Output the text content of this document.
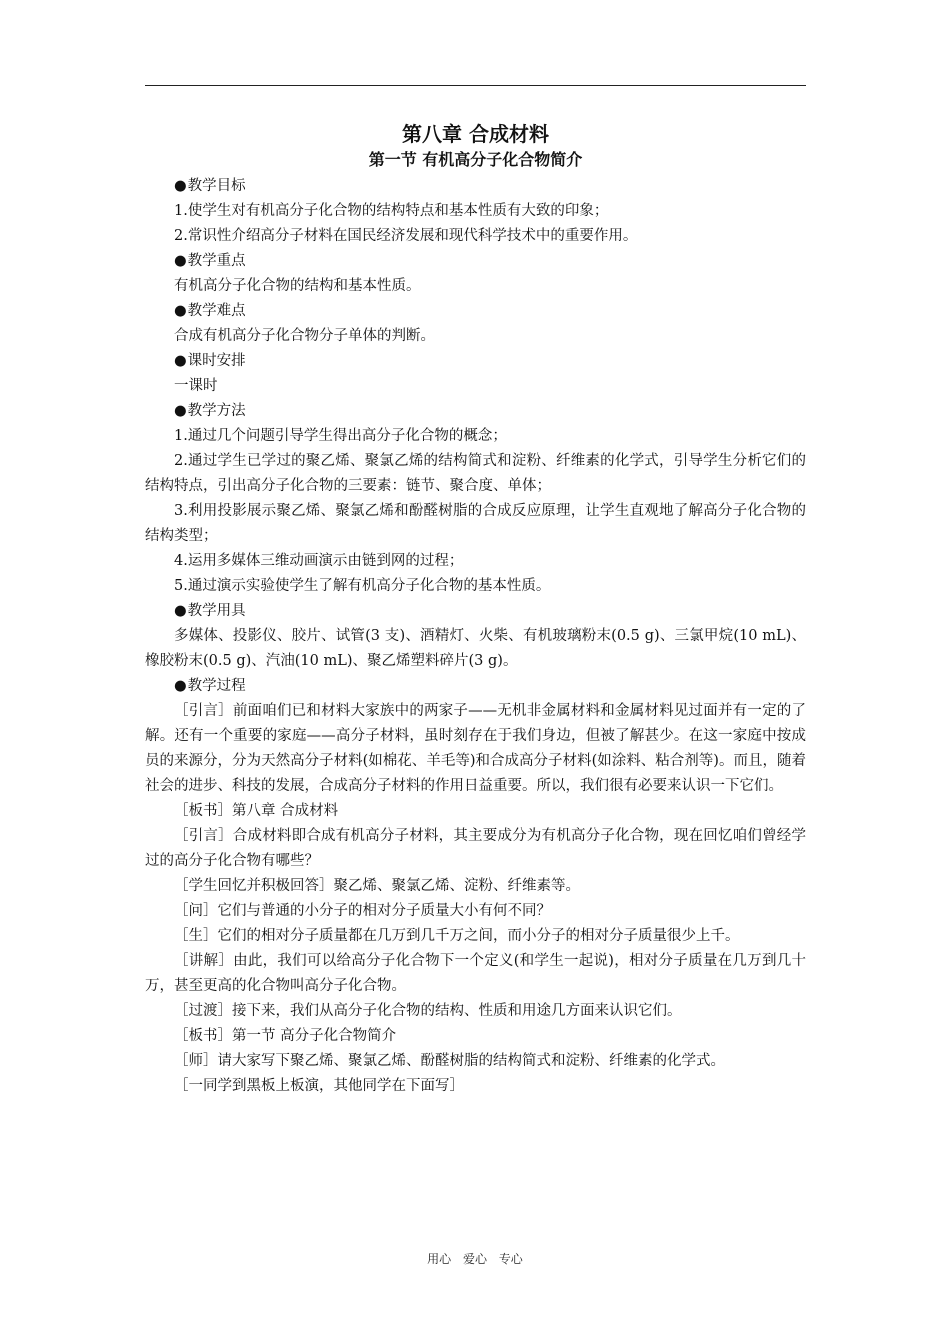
第八章 合成材料
第一节 有机高分子化合物简介

●教学目标

1.使学生对有机高分子化合物的结构特点和基本性质有大致的印象；

2.常识性介绍高分子材料在国民经济发展和现代科学技术中的重要作用。

●教学重点

有机高分子化合物的结构和基本性质。

●教学难点

合成有机高分子化合物分子单体的判断。

●课时安排

一课时

●教学方法

1.通过几个问题引导学生得出高分子化合物的概念；

2.通过学生已学过的聚乙烯、聚氯乙烯的结构简式和淀粉、纤维素的化学式，引导学生分析它们的结构特点，引出高分子化合物的三要素：链节、聚合度、单体；

3.利用投影展示聚乙烯、聚氯乙烯和酚醛树脂的合成反应原理，让学生直观地了解高分子化合物的结构类型；

4.运用多媒体三维动画演示由链到网的过程；

5.通过演示实验使学生了解有机高分子化合物的基本性质。

●教学用具

多媒体、投影仪、胶片、试管(3 支)、酒精灯、火柴、有机玻璃粉末(0.5 g)、三氯甲烷(10 mL)、橡胶粉末(0.5 g)、汽油(10 mL)、聚乙烯塑料碎片(3 g)。

●教学过程

［引言］前面咱们已和材料大家族中的两家子——无机非金属材料和金属材料见过面并有一定的了解。还有一个重要的家庭——高分子材料，虽时刻存在于我们身边，但被了解甚少。在这一家庭中按成员的来源分，分为天然高分子材料(如棉花、羊毛等)和合成高分子材料(如涂料、粘合剂等)。而且，随着社会的进步、科技的发展，合成高分子材料的作用日益重要。所以，我们很有必要来认识一下它们。

［板书］第八章 合成材料

［引言］合成材料即合成有机高分子材料，其主要成分为有机高分子化合物，现在回忆咱们曾经学过的高分子化合物有哪些？

［学生回忆并积极回答］聚乙烯、聚氯乙烯、淀粉、纤维素等。

［问］它们与普通的小分子的相对分子质量大小有何不同？

［生］它们的相对分子质量都在几万到几千万之间，而小分子的相对分子质量很少上千。

［讲解］由此，我们可以给高分子化合物下一个定义(和学生一起说)，相对分子质量在几万到几十万，甚至更高的化合物叫高分子化合物。

［过渡］接下来，我们从高分子化合物的结构、性质和用途几方面来认识它们。

［板书］第一节 高分子化合物简介

［师］请大家写下聚乙烯、聚氯乙烯、酚醛树脂的结构简式和淀粉、纤维素的化学式。

［一同学到黑板上板演，其他同学在下面写］

用心 爱心 专心
